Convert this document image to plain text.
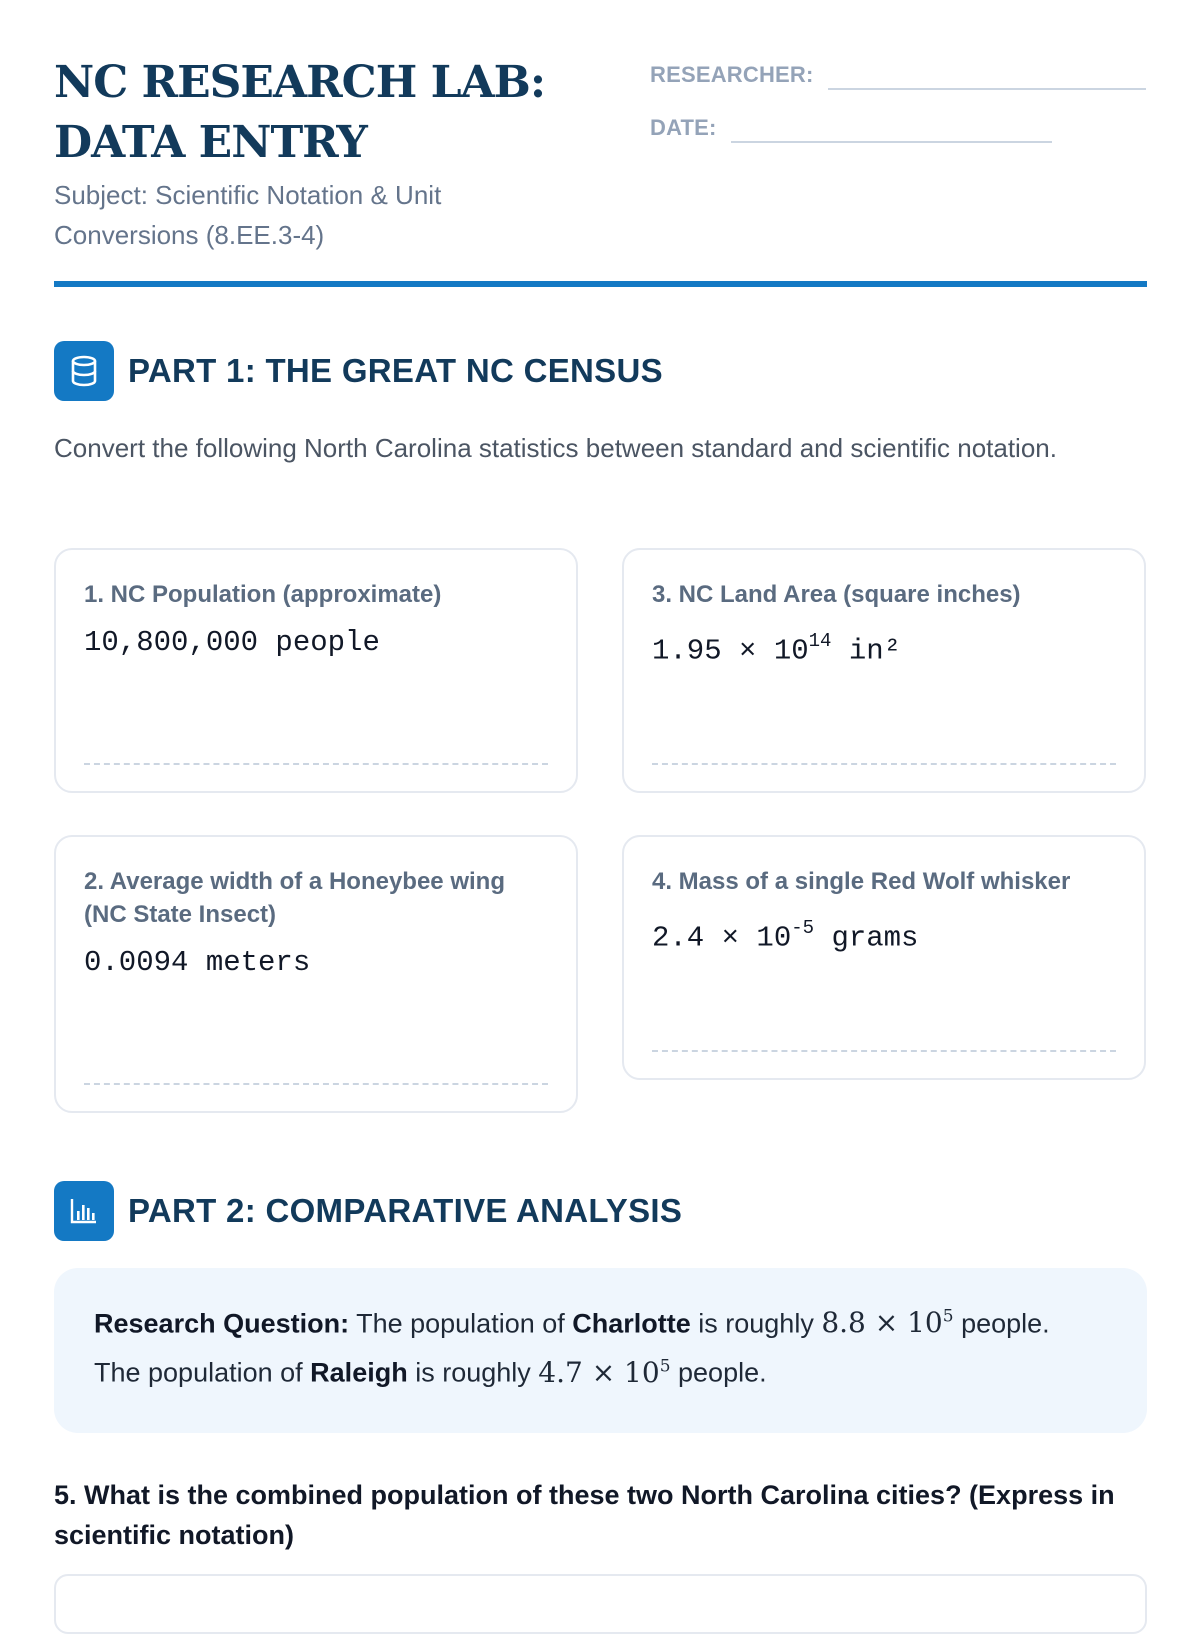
NC RESEARCH LAB:
DATA ENTRY
Subject: Scientific Notation & Unit Conversions (8.EE.3-4)
RESEARCHER:
DATE:
PART 1: THE GREAT NC CENSUS

Convert the following North Carolina statistics between standard and scientific notation.

1. NC Population (approximate)

10,800,000 people

3. NC Land Area (square inches)

$1.95 \times 10^{14}$ in²

2. Average width of a Honeybee wing (NC State Insect)

0.0094 meters

4. Mass of a single Red Wolf whisker

$2.4 \times 10^{-5}$ grams
PART 2: COMPARATIVE ANALYSIS

Research Question: The population of Charlotte is roughly $8.8 \times 10^5$ people.
The population of Raleigh is roughly $4.7 \times 10^5$ people.

5. What is the combined population of these two North Carolina cities? (Express in scientific notation)
